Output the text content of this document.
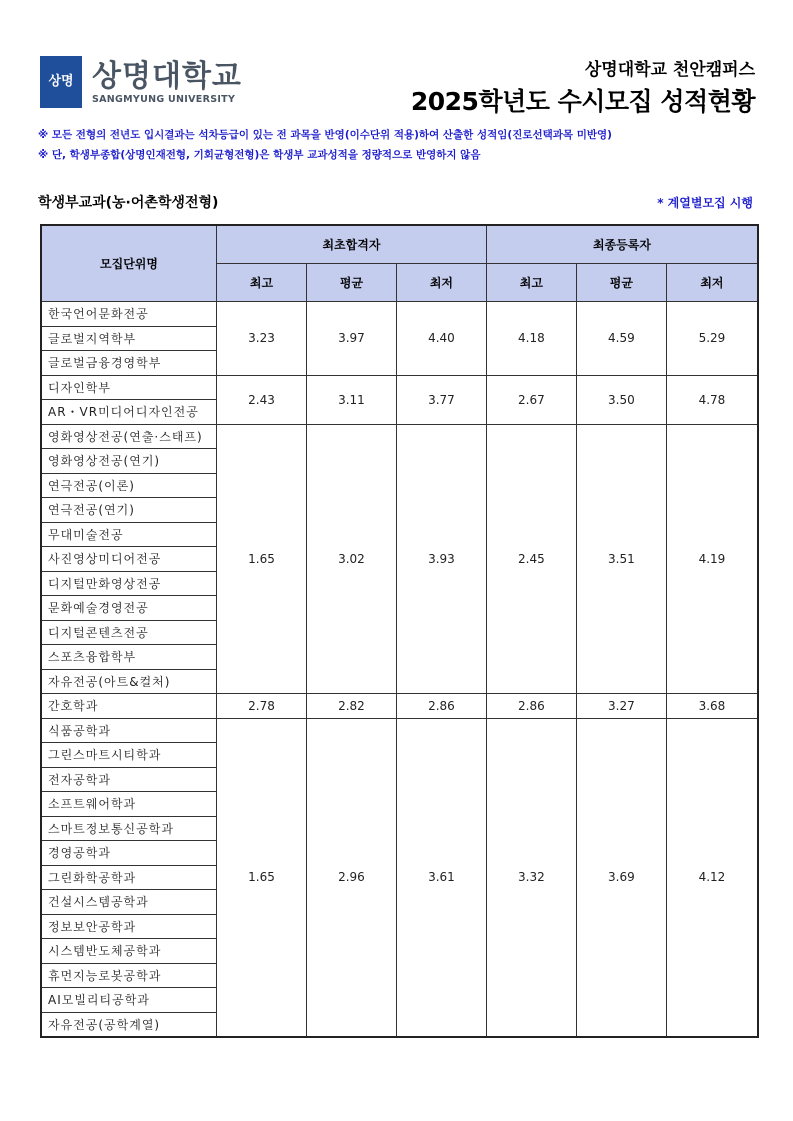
상명 상명대학교
SANGMYUNG UNIVERSITY
상명대학교 천안캠퍼스
2025학년도 수시모집 성적현황
※ 모든 전형의 전년도 입시결과는 석차등급이 있는 전 과목을 반영(이수단위 적용)하여 산출한 성적임(진로선택과목 미반영)
※ 단, 학생부종합(상명인재전형, 기회균형전형)은 학생부 교과성적을 정량적으로 반영하지 않음
학생부교과(농·어촌학생전형)	* 계열별모집 시행
모집단위명	최초합격자			최종등록자		
	최고	평균	최저	최고	평균	최저
한국언어문화전공	3.23	3.97	4.40	4.18	4.59	5.29
글로벌지역학부						
글로벌금융경영학부						
디자인학부	2.43	3.11	3.77	2.67	3.50	4.78
AR・VR미디어디자인전공						
영화영상전공(연출·스태프)	1.65	3.02	3.93	2.45	3.51	4.19
영화영상전공(연기)						
연극전공(이론)						
연극전공(연기)						
무대미술전공						
사진영상미디어전공						
디지털만화영상전공						
문화예술경영전공						
디지털콘텐츠전공						
스포츠융합학부						
자유전공(아트&컬처)						
간호학과	2.78	2.82	2.86	2.86	3.27	3.68
식품공학과	1.65	2.96	3.61	3.32	3.69	4.12
그린스마트시티학과						
전자공학과						
소프트웨어학과						
스마트정보통신공학과						
경영공학과						
그린화학공학과						
건설시스템공학과						
정보보안공학과						
시스템반도체공학과						
휴먼지능로봇공학과						
AI모빌리티공학과						
자유전공(공학계열)						
